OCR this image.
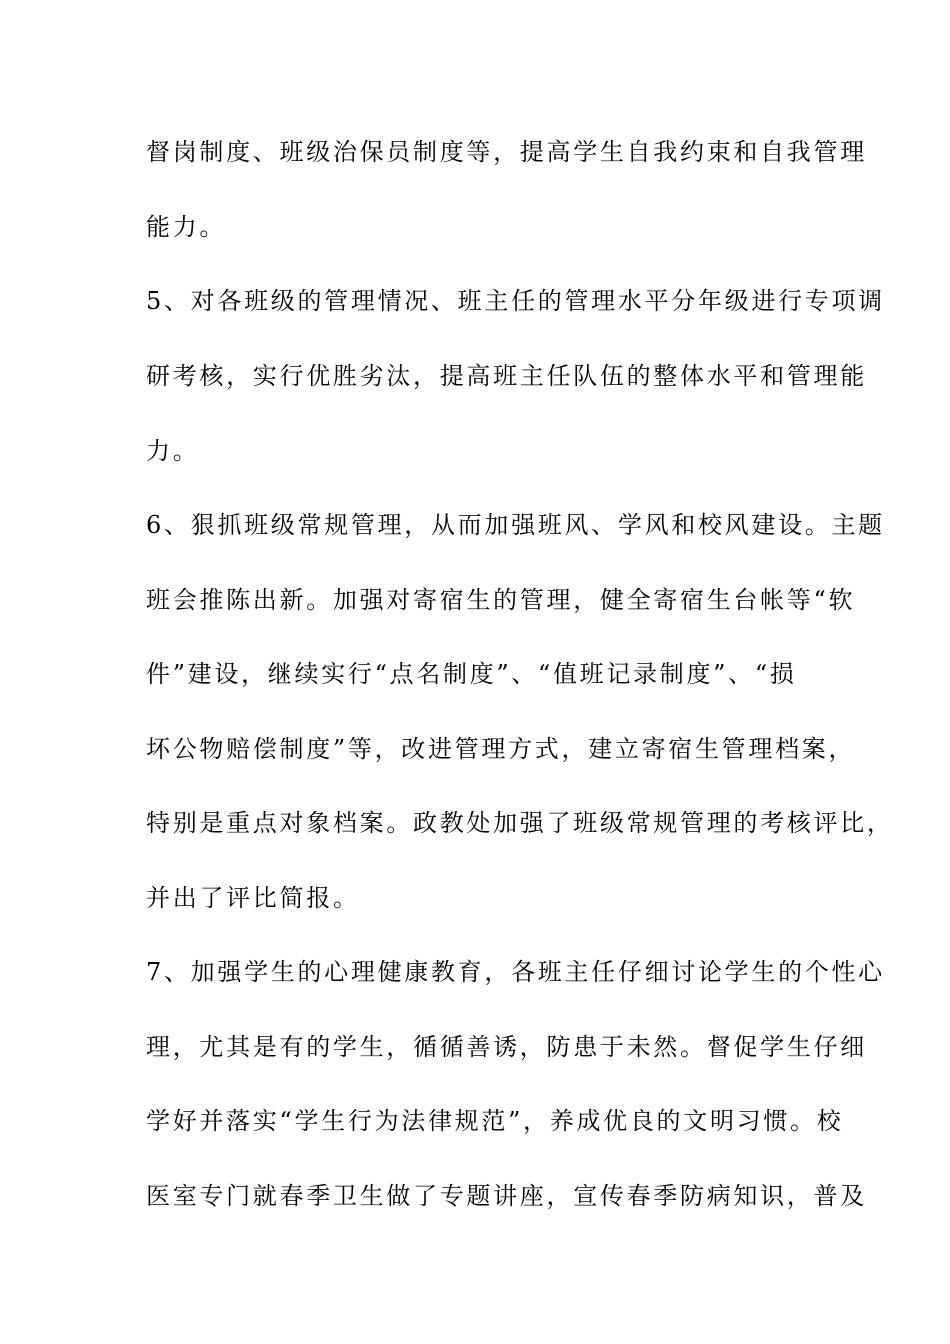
督岗制度、班级治保员制度等，提高学生自我约束和自我管理
能力。
5、对各班级的管理情况、班主任的管理水平分年级进行专项调
研考核，实行优胜劣汰，提高班主任队伍的整体水平和管理能
力。
6、狠抓班级常规管理，从而加强班风、学风和校风建设。主题
班会推陈出新。加强对寄宿生的管理，健全寄宿生台帐等“软
件”建设，继续实行“点名制度”、“值班记录制度”、“损
坏公物赔偿制度”等，改进管理方式，建立寄宿生管理档案，
特别是重点对象档案。政教处加强了班级常规管理的考核评比，
并出了评比简报。
7、加强学生的心理健康教育，各班主任仔细讨论学生的个性心
理，尤其是有的学生，循循善诱，防患于未然。督促学生仔细
学好并落实“学生行为法律规范”，养成优良的文明习惯。校
医室专门就春季卫生做了专题讲座，宣传春季防病知识，普及
